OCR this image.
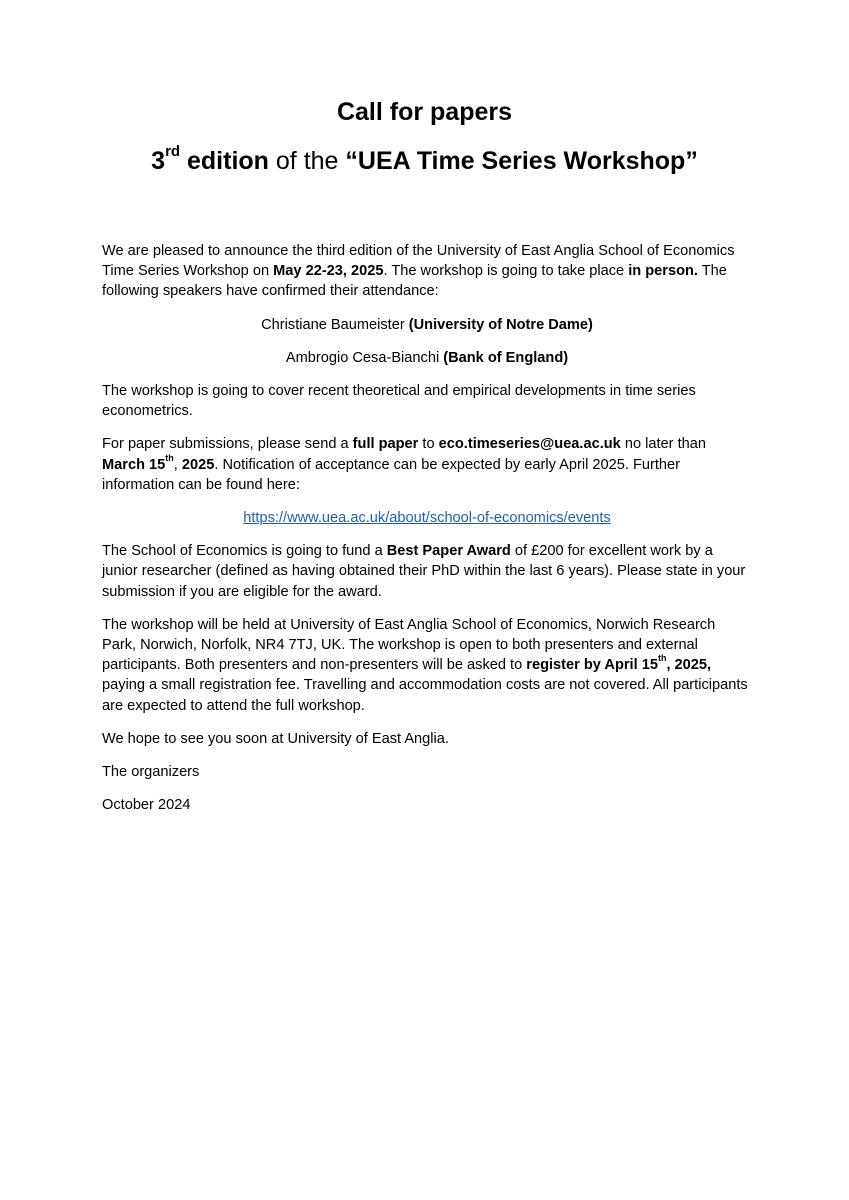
Call for papers
3rd edition of the “UEA Time Series Workshop”

We are pleased to announce the third edition of the University of East Anglia School of Economics Time Series Workshop on May 22-23, 2025. The workshop is going to take place in person. The following speakers have confirmed their attendance:

Christiane Baumeister (University of Notre Dame)

Ambrogio Cesa-Bianchi (Bank of England)

The workshop is going to cover recent theoretical and empirical developments in time series econometrics.

For paper submissions, please send a full paper to eco.timeseries@uea.ac.uk no later than March 15th, 2025. Notification of acceptance can be expected by early April 2025. Further information can be found here:

https://www.uea.ac.uk/about/school-of-economics/events

The School of Economics is going to fund a Best Paper Award of £200 for excellent work by a junior researcher (defined as having obtained their PhD within the last 6 years). Please state in your submission if you are eligible for the award.

The workshop will be held at University of East Anglia School of Economics, Norwich Research Park, Norwich, Norfolk, NR4 7TJ, UK. The workshop is open to both presenters and external participants. Both presenters and non-presenters will be asked to register by April 15th, 2025, paying a small registration fee. Travelling and accommodation costs are not covered. All participants are expected to attend the full workshop.

We hope to see you soon at University of East Anglia.

The organizers

October 2024
